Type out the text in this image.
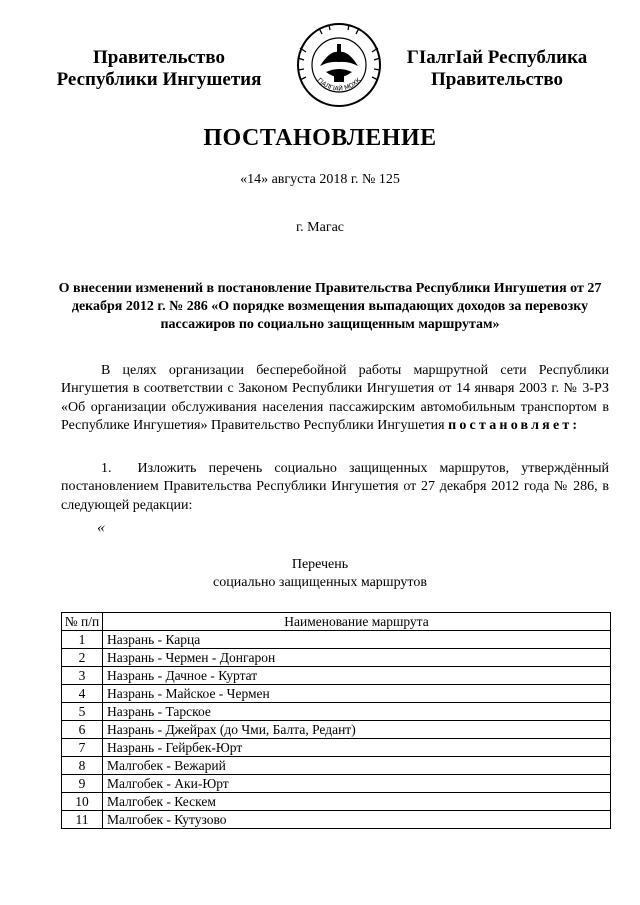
Правительство
Республики Ингушетия	ГIАЛГIАЙ МОХК
ГIалгIай Республика
Правительство
ПОСТАНОВЛЕНИЕ
«14» августа 2018 г. № 125
г. Магас
О внесении изменений в постановление Правительства Республики Ингушетия от 27 декабря 2012 г. № 286 «О порядке возмещения выпадающих доходов за перевозку пассажиров по социально защищенным маршрутам»
В целях организации бесперебойной работы маршрутной сети Республики Ингушетия в соответствии с Законом Республики Ингушетия от 14 января 2003 г. № 3-РЗ «Об организации обслуживания населения пассажирским автомобильным транспортом в Республике Ингушетия» Правительство Республики Ингушетия постановляет:
1. Изложить перечень социально защищенных маршрутов, утверждённый постановлением Правительства Республики Ингушетия от 27 декабря 2012 года № 286, в следующей редакции:
«
Перечень
социально защищенных маршрутов
№ п/п	Наименование маршрута
1	Назрань - Карца
2	Назрань - Чермен - Донгарон
3	Назрань - Дачное - Куртат
4	Назрань - Майское - Чермен
5	Назрань - Тарское
6	Назрань - Джейрах (до Чми, Балта, Редант)
7	Назрань - Гейрбек-Юрт
8	Малгобек - Вежарий
9	Малгобек - Аки-Юрт
10	Малгобек - Кескем
11	Малгобек - Кутузово
